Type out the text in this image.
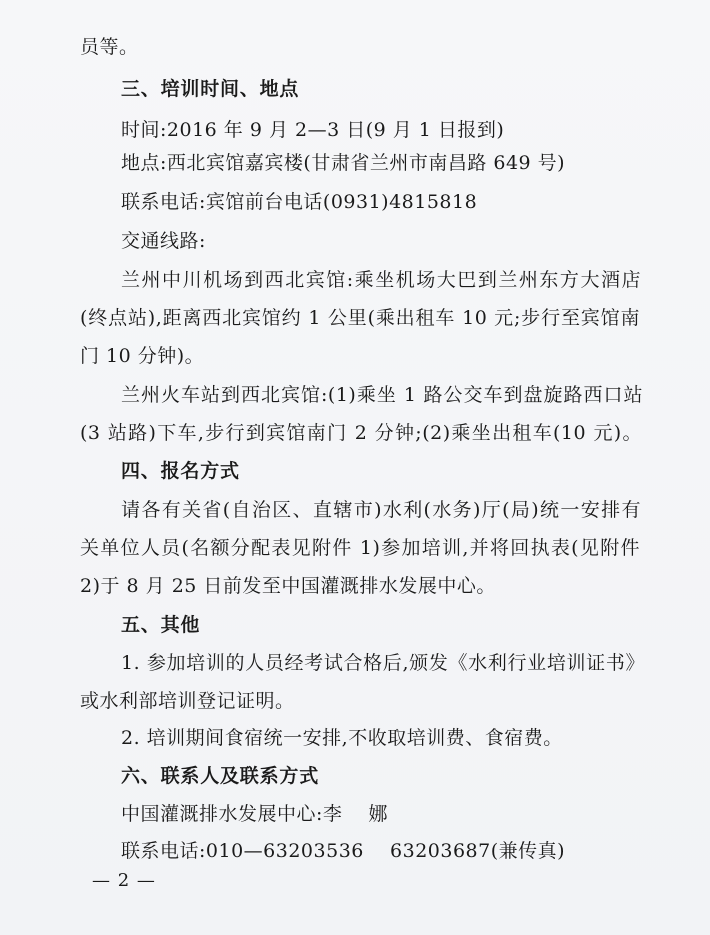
员等。
三、培训时间、地点
时间:2016 年 9 月 2—3 日(9 月 1 日报到)
地点:西北宾馆嘉宾楼(甘肃省兰州市南昌路 649 号)
联系电话:宾馆前台电话(0931)4815818
交通线路:
兰州中川机场到西北宾馆:乘坐机场大巴到兰州东方大酒店
(终点站),距离西北宾馆约 1 公里(乘出租车 10 元;步行至宾馆南
门 10 分钟)。
兰州火车站到西北宾馆:(1)乘坐 1 路公交车到盘旋路西口站
(3 站路)下车,步行到宾馆南门 2 分钟;(2)乘坐出租车(10 元)。
四、报名方式
请各有关省(自治区、直辖市)水利(水务)厅(局)统一安排有
关单位人员(名额分配表见附件 1)参加培训,并将回执表(见附件
2)于 8 月 25 日前发至中国灌溉排水发展中心。
五、其他
1. 参加培训的人员经考试合格后,颁发《水利行业培训证书》
或水利部培训登记证明。
2. 培训期间食宿统一安排,不收取培训费、食宿费。
六、联系人及联系方式
中国灌溉排水发展中心:李    娜
联系电话:010—63203536    63203687(兼传真)
— 2 —
